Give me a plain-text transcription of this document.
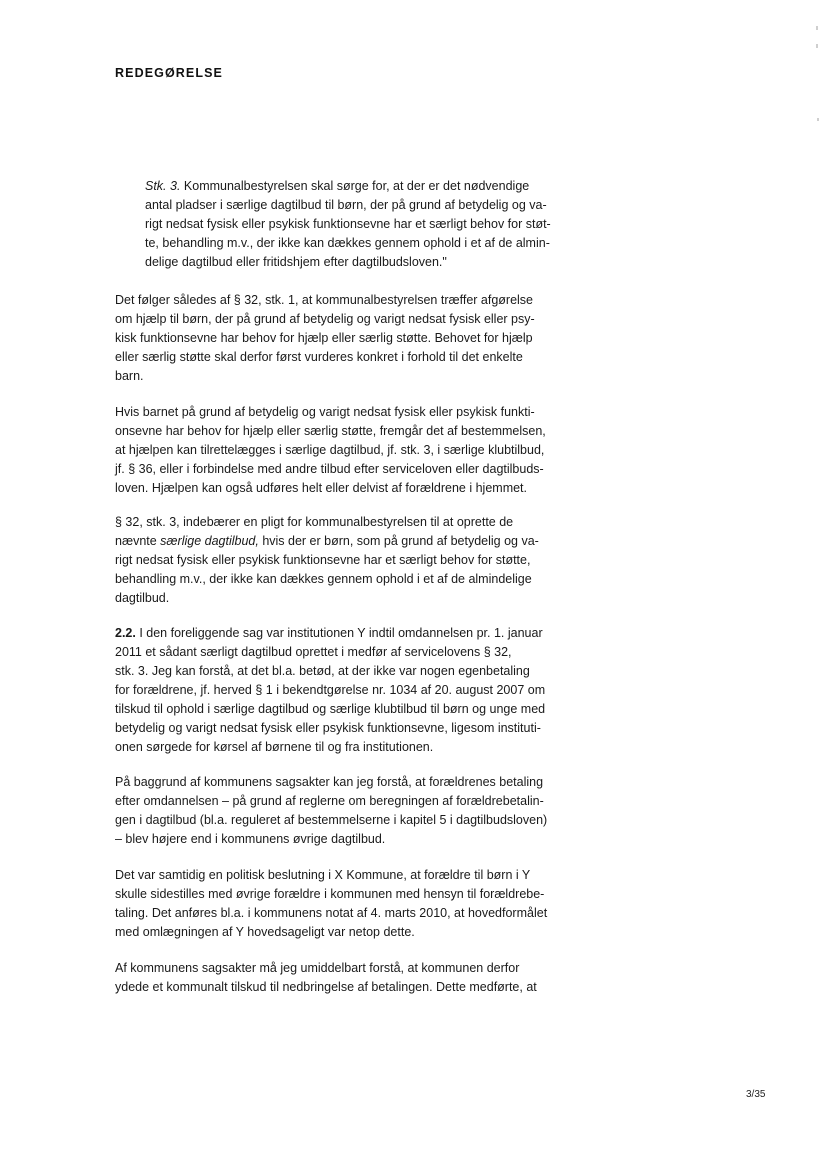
REDEGØRELSE
Stk. 3. Kommunalbestyrelsen skal sørge for, at der er det nødvendige
antal pladser i særlige dagtilbud til børn, der på grund af betydelig og va-
rigt nedsat fysisk eller psykisk funktionsevne har et særligt behov for støt-
te, behandling m.v., der ikke kan dækkes gennem ophold i et af de almin-
delige dagtilbud eller fritidshjem efter dagtilbudsloven."
Det følger således af § 32, stk. 1, at kommunalbestyrelsen træffer afgørelse
om hjælp til børn, der på grund af betydelig og varigt nedsat fysisk eller psy-
kisk funktionsevne har behov for hjælp eller særlig støtte. Behovet for hjælp
eller særlig støtte skal derfor først vurderes konkret i forhold til det enkelte
barn.
Hvis barnet på grund af betydelig og varigt nedsat fysisk eller psykisk funkti-
onsevne har behov for hjælp eller særlig støtte, fremgår det af bestemmelsen,
at hjælpen kan tilrettelægges i særlige dagtilbud, jf. stk. 3, i særlige klubtilbud,
jf. § 36, eller i forbindelse med andre tilbud efter serviceloven eller dagtilbuds-
loven. Hjælpen kan også udføres helt eller delvist af forældrene i hjemmet.
§ 32, stk. 3, indebærer en pligt for kommunalbestyrelsen til at oprette de
nævnte særlige dagtilbud, hvis der er børn, som på grund af betydelig og va-
rigt nedsat fysisk eller psykisk funktionsevne har et særligt behov for støtte,
behandling m.v., der ikke kan dækkes gennem ophold i et af de almindelige
dagtilbud.
2.2. I den foreliggende sag var institutionen Y indtil omdannelsen pr. 1. januar
2011 et sådant særligt dagtilbud oprettet i medfør af servicelovens § 32,
stk. 3. Jeg kan forstå, at det bl.a. betød, at der ikke var nogen egenbetaling
for forældrene, jf. herved § 1 i bekendtgørelse nr. 1034 af 20. august 2007 om
tilskud til ophold i særlige dagtilbud og særlige klubtilbud til børn og unge med
betydelig og varigt nedsat fysisk eller psykisk funktionsevne, ligesom instituti-
onen sørgede for kørsel af børnene til og fra institutionen.
På baggrund af kommunens sagsakter kan jeg forstå, at forældrenes betaling
efter omdannelsen – på grund af reglerne om beregningen af forældrebetalin-
gen i dagtilbud (bl.a. reguleret af bestemmelserne i kapitel 5 i dagtilbudsloven)
– blev højere end i kommunens øvrige dagtilbud.
Det var samtidig en politisk beslutning i X Kommune, at forældre til børn i Y
skulle sidestilles med øvrige forældre i kommunen med hensyn til forældrebe-
taling. Det anføres bl.a. i kommunens notat af 4. marts 2010, at hovedformålet
med omlægningen af Y hovedsageligt var netop dette.
Af kommunens sagsakter må jeg umiddelbart forstå, at kommunen derfor
ydede et kommunalt tilskud til nedbringelse af betalingen. Dette medførte, at
3/35
